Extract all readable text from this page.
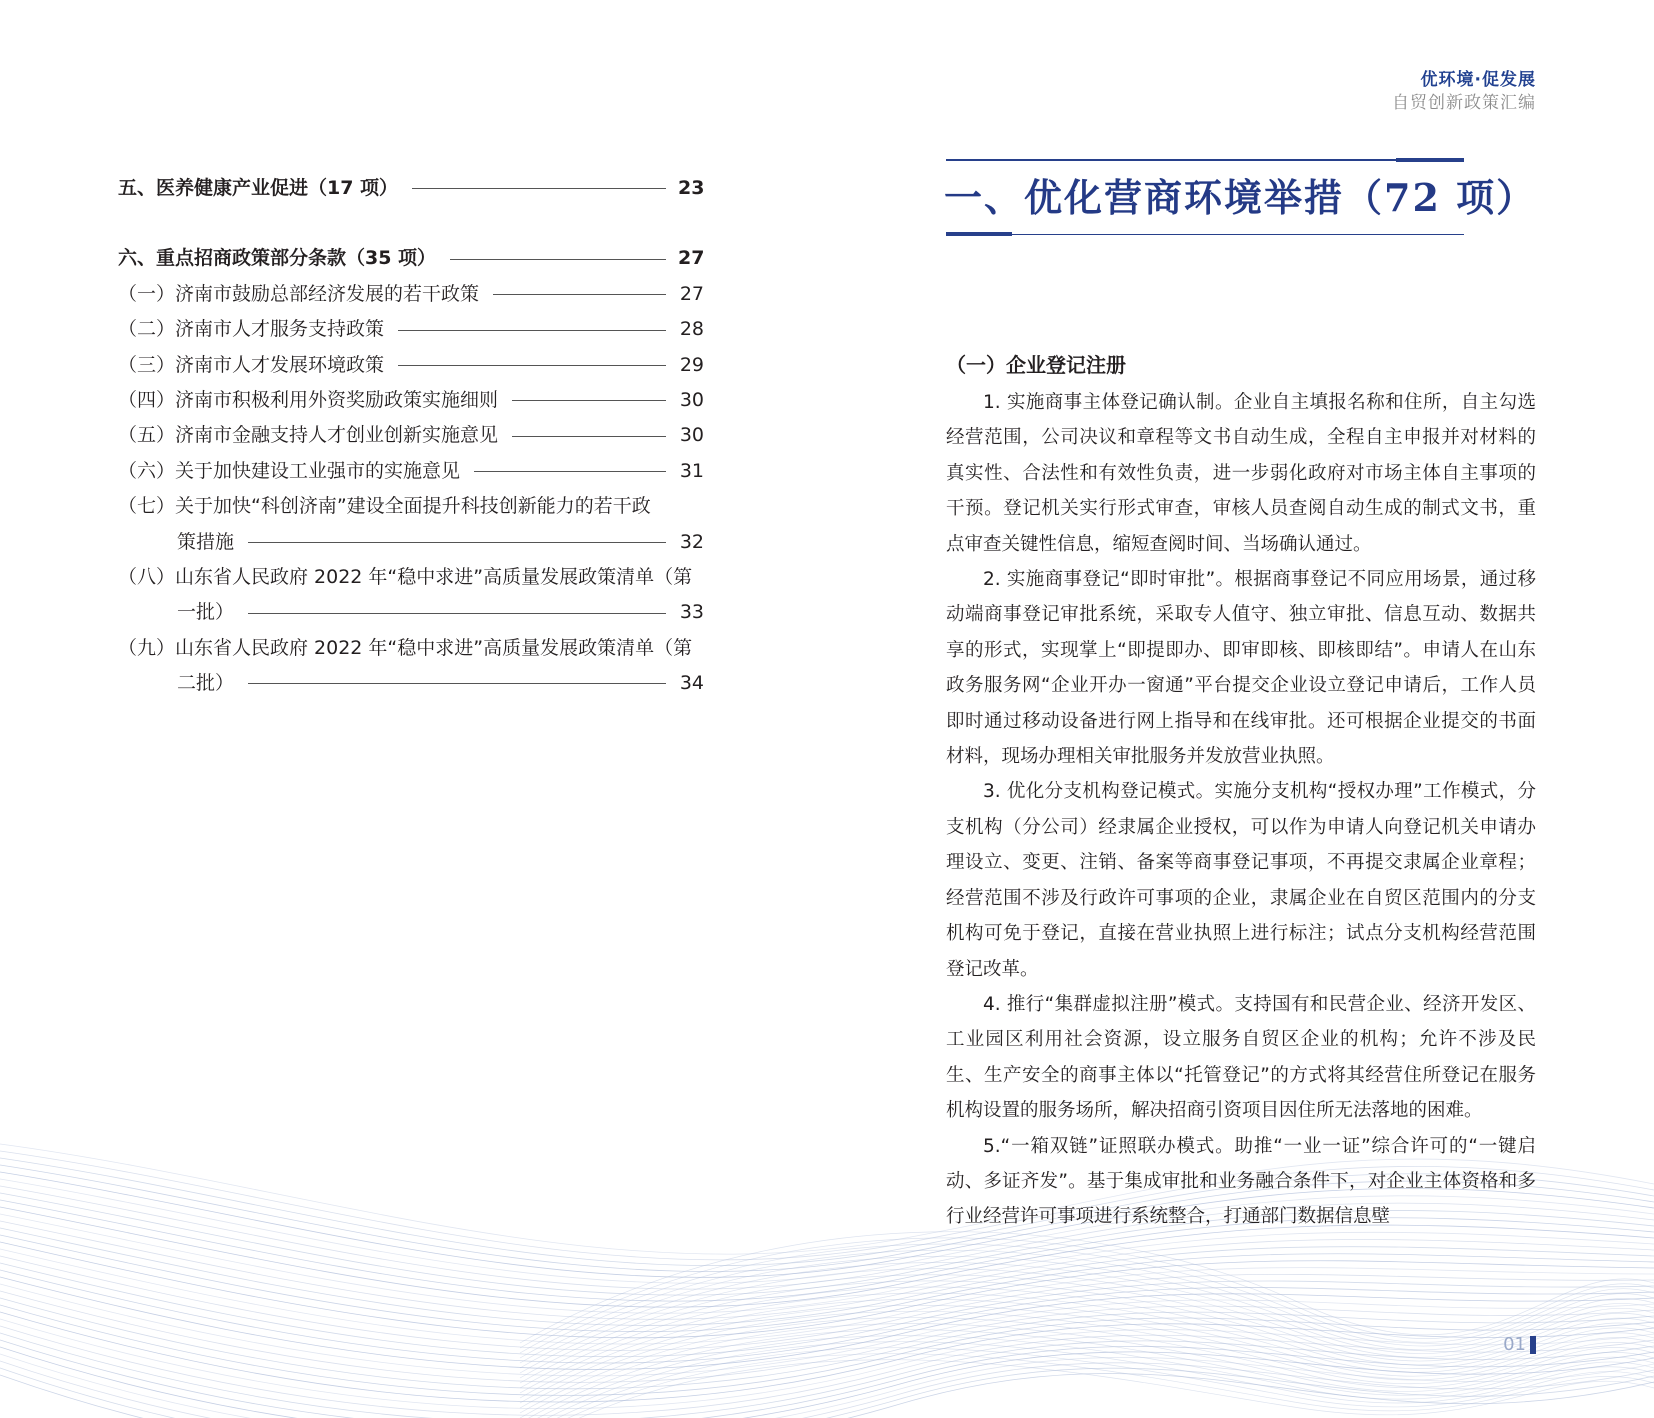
优环境·促发展
自贸创新政策汇编
五、医养健康产业促进（17 项）	23
六、重点招商政策部分条款（35 项）	27
（一）济南市鼓励总部经济发展的若干政策	27
（二）济南市人才服务支持政策	28
（三）济南市人才发展环境政策	29
（四）济南市积极利用外资奖励政策实施细则	30
（五）济南市金融支持人才创业创新实施意见	30
（六）关于加快建设工业强市的实施意见	31
（七）关于加快“科创济南”建设全面提升科技创新能力的若干政
策措施	32
（八）山东省人民政府 2022 年“稳中求进”高质量发展政策清单（第
一批）	33
（九）山东省人民政府 2022 年“稳中求进”高质量发展政策清单（第
二批）	34
一、优化营商环境举措（72 项）
（一）企业登记注册

1. 实施商事主体登记确认制。企业自主填报名称和住所，自主勾选经营范围，公司决议和章程等文书自动生成，全程自主申报并对材料的真实性、合法性和有效性负责，进一步弱化政府对市场主体自主事项的干预。登记机关实行形式审查，审核人员查阅自动生成的制式文书，重点审查关键性信息，缩短查阅时间、当场确认通过。

2. 实施商事登记“即时审批”。根据商事登记不同应用场景，通过移动端商事登记审批系统，采取专人值守、独立审批、信息互动、数据共享的形式，实现掌上“即提即办、即审即核、即核即结”。申请人在山东政务服务网“企业开办一窗通”平台提交企业设立登记申请后，工作人员即时通过移动设备进行网上指导和在线审批。还可根据企业提交的书面材料，现场办理相关审批服务并发放营业执照。

3. 优化分支机构登记模式。实施分支机构“授权办理”工作模式，分支机构（分公司）经隶属企业授权，可以作为申请人向登记机关申请办理设立、变更、注销、备案等商事登记事项，不再提交隶属企业章程；经营范围不涉及行政许可事项的企业，隶属企业在自贸区范围内的分支机构可免于登记，直接在营业执照上进行标注；试点分支机构经营范围登记改革。

4. 推行“集群虚拟注册”模式。支持国有和民营企业、经济开发区、工业园区利用社会资源，设立服务自贸区企业的机构；允许不涉及民生、生产安全的商事主体以“托管登记”的方式将其经营住所登记在服务机构设置的服务场所，解决招商引资项目因住所无法落地的困难。

5.“一箱双链”证照联办模式。助推“一业一证”综合许可的“一键启动、多证齐发”。基于集成审批和业务融合条件下，对企业主体资格和多行业经营许可事项进行系统整合，打通部门数据信息壁

01
